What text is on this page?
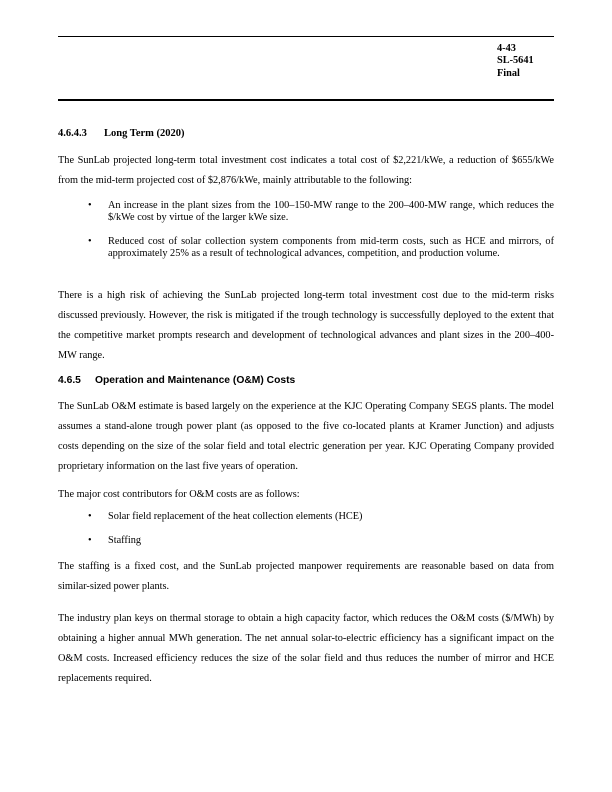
4-43
SL-5641
Final
4.6.4.3 Long Term (2020)
The SunLab projected long-term total investment cost indicates a total cost of $2,221/kWe, a reduction of $655/kWe from the mid-term projected cost of $2,876/kWe, mainly attributable to the following:
• An increase in the plant sizes from the 100–150-MW range to the 200–400-MW range, which reduces the $/kWe cost by virtue of the larger kWe size.
• Reduced cost of solar collection system components from mid-term costs, such as HCE and mirrors, of approximately 25% as a result of technological advances, competition, and production volume.
There is a high risk of achieving the SunLab projected long-term total investment cost due to the mid-term risks discussed previously. However, the risk is mitigated if the trough technology is successfully deployed to the extent that the competitive market prompts research and development of technological advances and plant sizes in the 200–400-MW range.
4.6.5 Operation and Maintenance (O&M) Costs
The SunLab O&M estimate is based largely on the experience at the KJC Operating Company SEGS plants. The model assumes a stand-alone trough power plant (as opposed to the five co-located plants at Kramer Junction) and adjusts costs depending on the size of the solar field and total electric generation per year. KJC Operating Company provided proprietary information on the last five years of operation.
The major cost contributors for O&M costs are as follows:
• Solar field replacement of the heat collection elements (HCE)
• Staffing
The staffing is a fixed cost, and the SunLab projected manpower requirements are reasonable based on data from similar-sized power plants.
The industry plan keys on thermal storage to obtain a high capacity factor, which reduces the O&M costs ($/MWh) by obtaining a higher annual MWh generation. The net annual solar-to-electric efficiency has a significant impact on the O&M costs. Increased efficiency reduces the size of the solar field and thus reduces the number of mirror and HCE replacements required.
